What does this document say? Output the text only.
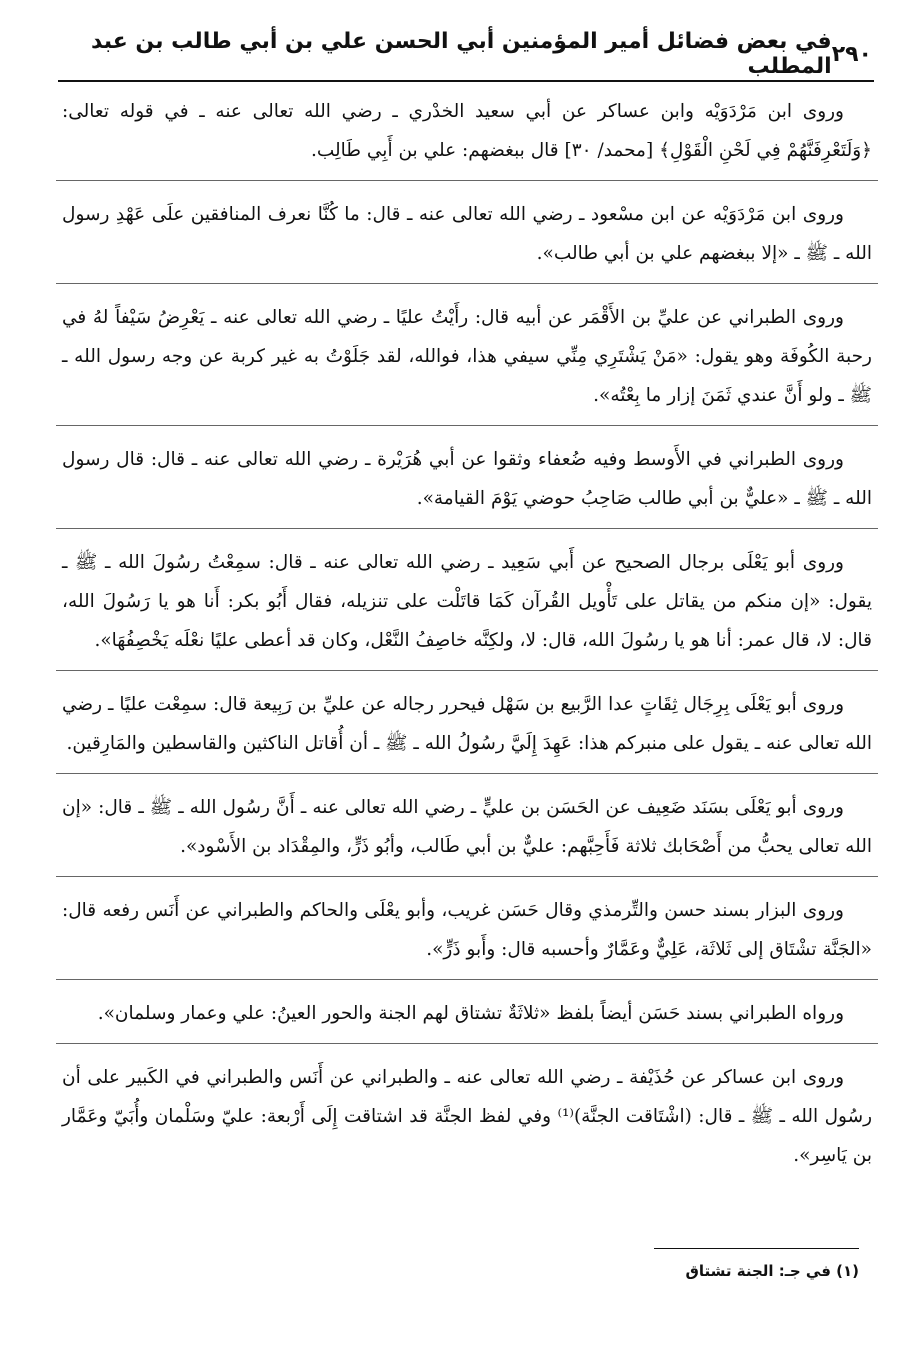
٢٩٠
في بعض فضائل أمير المؤمنين أبي الحسن علي بن أبي طالب بن عبد المطلب

وروى ابن مَرْدَوَيْه وابن عساكر عن أبي سعيد الخدْري ـ رضي الله تعالى عنه ـ في قوله تعالى: ﴿وَلَتَعْرِفَنَّهُمْ فِي لَحْنِ الْقَوْلِ﴾ [محمد/ ٣٠] قال ببغضهم: علي بن أَبِي طَالِب.

وروى ابن مَرْدَوَيْه عن ابن مسْعود ـ رضي الله تعالى عنه ـ قال: ما كُنَّا نعرف المنافقين علَى عَهْدِ رسول الله ـ ﷺ ـ «إلا ببغضهم علي بن أبي طالب».

وروى الطبراني عن عليِّ بن الأَقْمَر عن أبيه قال: رأَيْتُ عليًا ـ رضي الله تعالى عنه ـ يَعْرِضُ سَيْفاً لهُ في رحبة الكُوفَة وهو يقول: «مَنْ يَشْتَرِي مِنِّي سيفي هذا، فوالله، لقد جَلَوْتُ به غير كربة عن وجه رسول الله ـ ﷺ ـ ولو أَنَّ عندي ثَمَنَ إزار ما بِعْتُه».

وروى الطبراني في الأَوسط وفيه ضُعفاء وثقوا عن أبي هُرَيْرة ـ رضي الله تعالى عنه ـ قال: قال رسول الله ـ ﷺ ـ «عليٌّ بن أبي طالب صَاحِبُ حوضي يَوْمَ القيامة».

وروى أبو يَعْلَى برجال الصحيح عن أَبي سَعِيد ـ رضي الله تعالى عنه ـ قال: سمِعْتُ رسُولَ الله ـ ﷺ ـ يقول: «إن منكم من يقاتل على تَأْويل القُرآن كَمَا قاتَلْت على تنزيله، فقال أَبُو بكر: أَنا هو يا رَسُولَ الله، قال: لا، قال عمر: أنا هو يا رسُولَ الله، قال: لا، ولكِنَّه خاصِفُ النَّعْل، وكان قد أعطى عليًا نعْلَه يَخْصِفُهَا».

وروى أبو يَعْلَى بِرِجَال ثِقَاتٍ عدا الرَّبيع بن سَهْل فيحرر رجاله عن عليِّ بن رَبِيعة قال: سمِعْت عليًا ـ رضي الله تعالى عنه ـ يقول على منبركم هذا: عَهِدَ إِلَيَّ رسُولُ الله ـ ﷺ ـ أن أُقاتل الناكثين والقاسطين والمَارِقين.

وروى أبو يَعْلَى بسَنَد ضَعِيف عن الحَسَن بن عليٍّ ـ رضي الله تعالى عنه ـ أَنَّ رسُول الله ـ ﷺ ـ قال: «إن الله تعالى يحبُّ من أَصْحَابك ثلاثة فَأَحِبَّهم: عليٌّ بن أبي طَالب، وأبُو ذَرٍّ، والمِقْدَاد بن الأَسْود».

وروى البزار بسند حسن والتِّرمذي وقال حَسَن غريب، وأبو يعْلَى والحاكم والطبراني عن أَنَس رفعه قال: «الجَنَّة تشْتَاق إلى ثَلاثَة، عَلِيٌّ وعَمَّارٌ وأحسبه قال: وأَبو ذَرٍّ».

ورواه الطبراني بسند حَسَن أيضاً بلفظ «ثلاثَةٌ تشتاق لهم الجنة والحور العينُ: علي وعمار وسلمان».

وروى ابن عساكر عن حُذَيْفة ـ رضي الله تعالى عنه ـ والطبراني عن أَنَس والطبراني في الكَبير على أن رسُول الله ـ ﷺ ـ قال: (اشْتَاقت الجنَّة)⁽¹⁾ وفي لفظ الجنَّة قد اشتاقت إِلَى أَرْبعة: عليّ وسَلْمان وأُبَيّ وعَمَّار بن يَاسِر».

(١) في جـ: الجنة تشتاق
